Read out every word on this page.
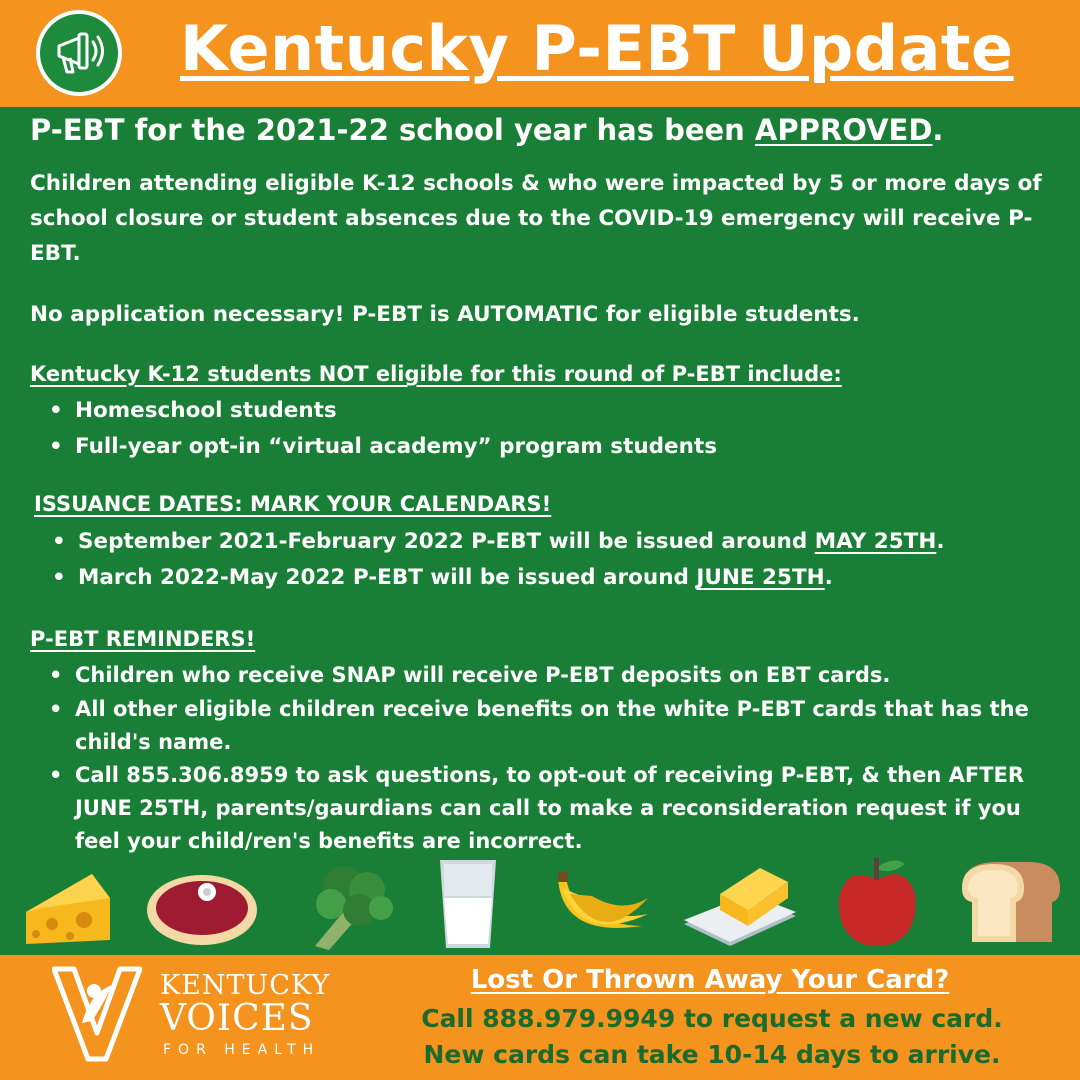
Kentucky P-EBT Update
P-EBT for the 2021-22 school year has been APPROVED.
Children attending eligible K-12 schools & who were impacted by 5 or more days of school closure or student absences due to the COVID-19 emergency will receive P-EBT.
No application necessary! P-EBT is AUTOMATIC for eligible students.
Kentucky K-12 students NOT eligible for this round of P-EBT include:
• Homeschool students
• Full-year opt-in “virtual academy” program students
ISSUANCE DATES: MARK YOUR CALENDARS!
• September 2021-February 2022 P-EBT will be issued around MAY 25TH.
• March 2022-May 2022 P-EBT will be issued around JUNE 25TH.
P-EBT REMINDERS!
• Children who receive SNAP will receive P-EBT deposits on EBT cards.
• All other eligible children receive benefits on the white P-EBT cards that has the child's name.
• Call 855.306.8959 to ask questions, to opt-out of receiving P-EBT, & then AFTER JUNE 25TH, parents/gaurdians can call to make a reconsideration request if you feel your child/ren's benefits are incorrect.
KENTUCKY
VOICES
FOR HEALTH
Lost Or Thrown Away Your Card?
Call 888.979.9949 to request a new card.
New cards can take 10-14 days to arrive.
